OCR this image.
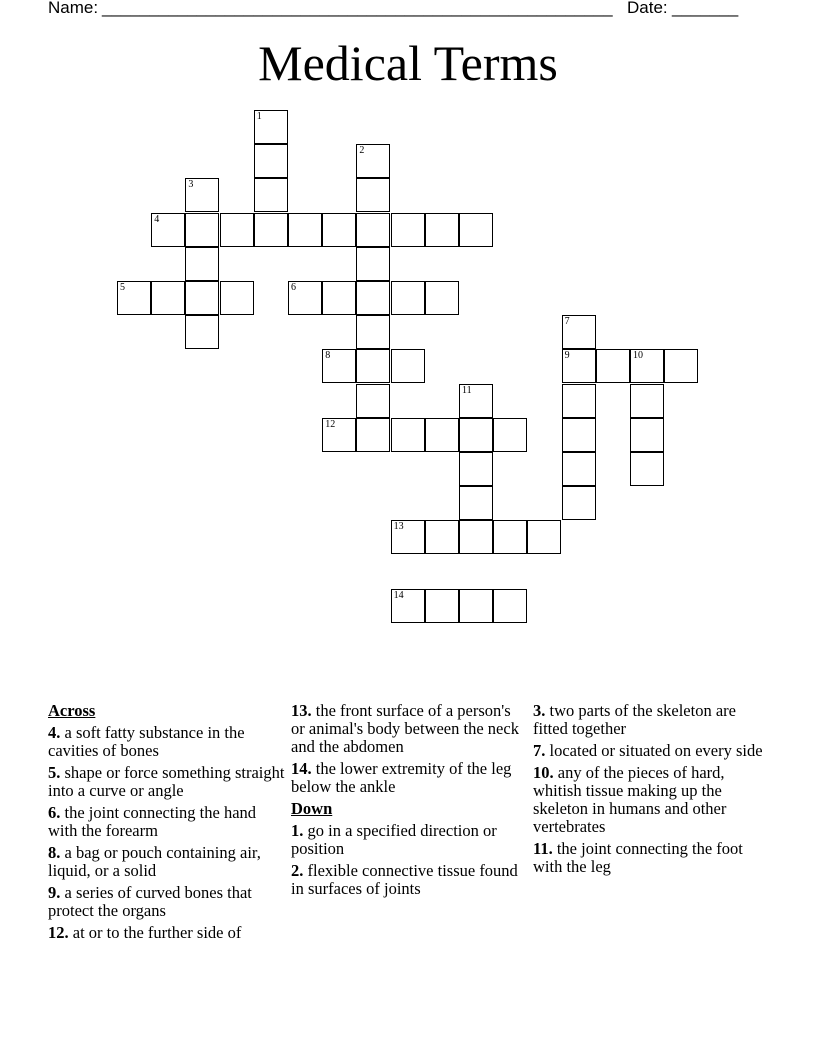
Name: ______________________________________________________ Date: _______
Medical Terms
1
2
3
4
5	6
7
9
8	10
11
12
13
14
Across
4. a soft fatty substance in the cavities of bones
5. shape or force something straight into a curve or angle
6. the joint connecting the hand with the forearm
8. a bag or pouch containing air, liquid, or a solid
9. a series of curved bones that protect the organs
12. at or to the further side of
13. the front surface of a person's or animal's body between the neck and the abdomen
14. the lower extremity of the leg below the ankle
Down
1. go in a specified direction or position
2. flexible connective tissue found in surfaces of joints
3. two parts of the skeleton are fitted together
7. located or situated on every side
10. any of the pieces of hard, whitish tissue making up the skeleton in humans and other vertebrates
11. the joint connecting the foot with the leg
